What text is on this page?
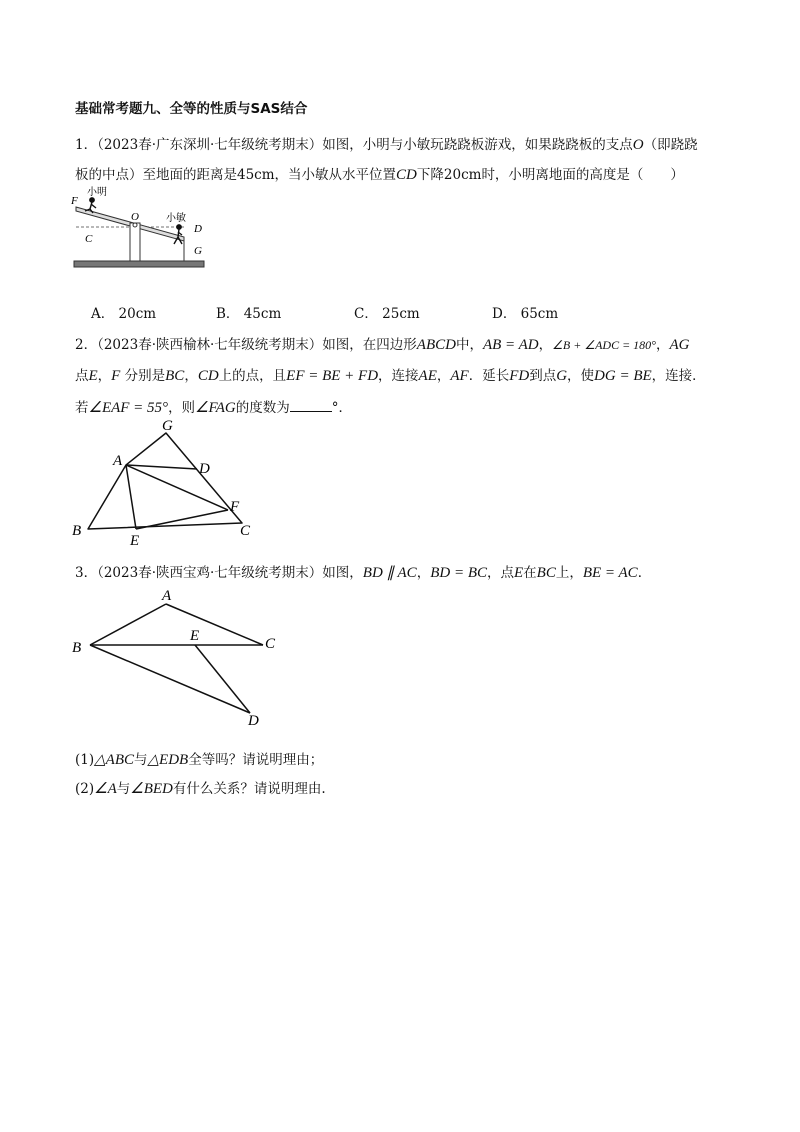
基础常考题九、全等的性质与SAS结合
1．（2023春·广东深圳·七年级统考期末）如图，小明与小敏玩跷跷板游戏，如果跷跷板的支点O（即跷跷
板的中点）至地面的距离是45cm，当小敏从水平位置CD下降20cm时，小明离地面的高度是（　　）
F
小明
O	小敏
D
C
G
A． 20cm	B． 45cm	C． 25cm	D． 65cm
2．（2023春·陕西榆林·七年级统考期末）如图，在四边形ABCD中，AB = AD，∠B + ∠ADC = 180°，AG
点E，F 分别是BC，CD上的点，且EF = BE + FD，连接AE，AF．延长FD到点G，使DG = BE，连接．
若∠EAF = 55°，则∠FAG的度数为	°．
G
A	D
F
B
E
C
3．（2023春·陕西宝鸡·七年级统考期末）如图，BD ∥ AC，BD = BC，点E在BC上，BE = AC．
A
B
E	C
D
(1)△ABC与△EDB全等吗？请说明理由；
(2)∠A与∠BED有什么关系？请说明理由.
